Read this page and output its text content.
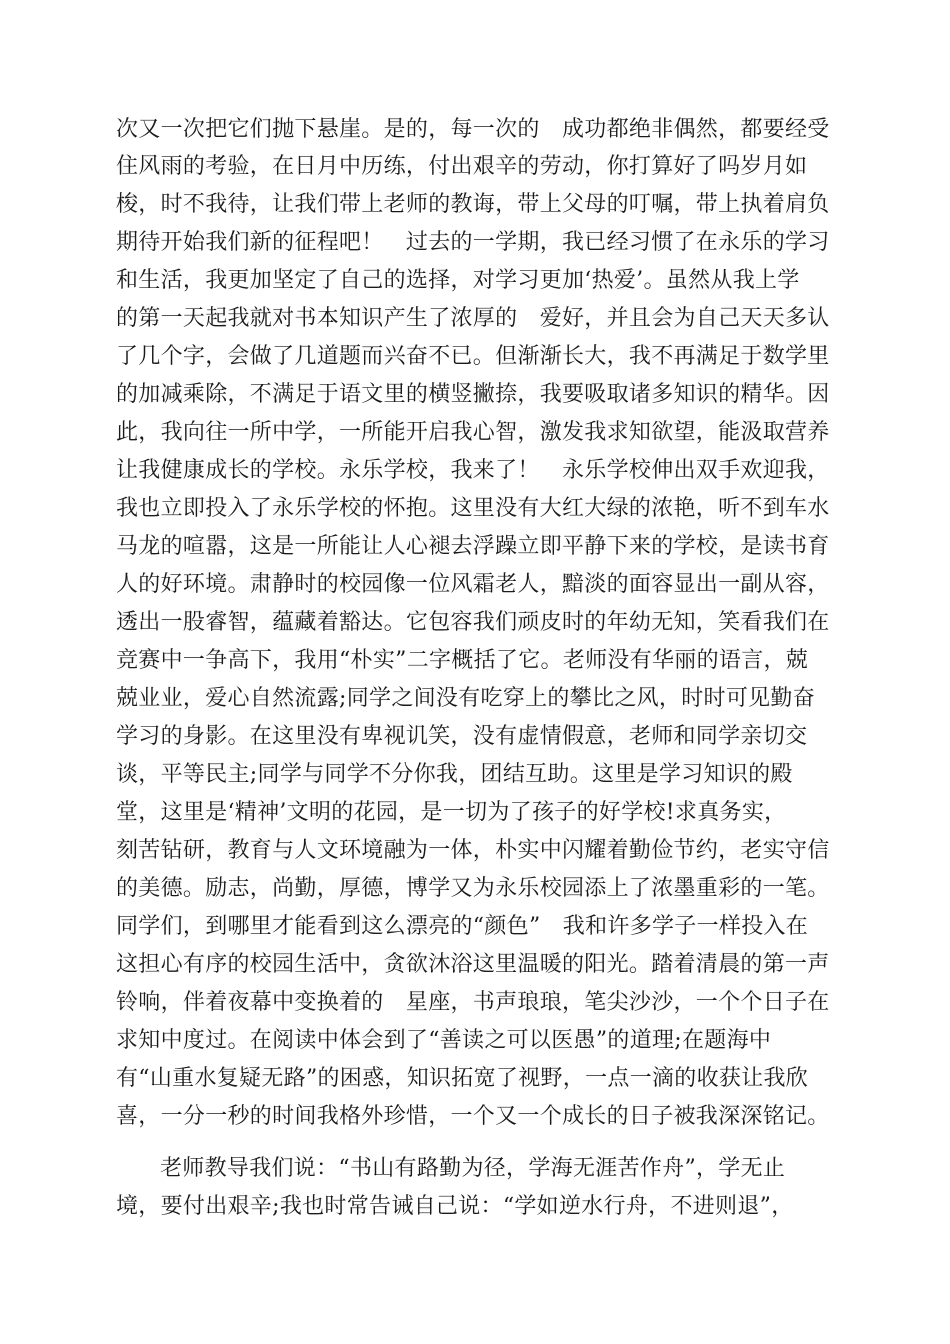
次又一次把它们抛下悬崖。是的，每一次的　成功都绝非偶然，都要经受
住风雨的考验，在日月中历练，付出艰辛的劳动，你打算好了吗岁月如
梭，时不我待，让我们带上老师的教诲，带上父母的叮嘱，带上执着肩负
期待开始我们新的征程吧！　过去的一学期，我已经习惯了在永乐的学习
和生活，我更加坚定了自己的选择，对学习更加‘热爱’。虽然从我上学
的第一天起我就对书本知识产生了浓厚的　爱好，并且会为自己天天多认
了几个字，会做了几道题而兴奋不已。但渐渐长大，我不再满足于数学里
的加减乘除，不满足于语文里的横竖撇捺，我要吸取诸多知识的精华。因
此，我向往一所中学，一所能开启我心智，激发我求知欲望，能汲取营养
让我健康成长的学校。永乐学校，我来了！　永乐学校伸出双手欢迎我，
我也立即投入了永乐学校的怀抱。这里没有大红大绿的浓艳，听不到车水
马龙的喧嚣，这是一所能让人心褪去浮躁立即平静下来的学校，是读书育
人的好环境。肃静时的校园像一位风霜老人，黯淡的面容显出一副从容，
透出一股睿智，蕴藏着豁达。它包容我们顽皮时的年幼无知，笑看我们在
竞赛中一争高下，我用“朴实”二字概括了它。老师没有华丽的语言，兢
兢业业，爱心自然流露;同学之间没有吃穿上的攀比之风，时时可见勤奋
学习的身影。在这里没有卑视讥笑，没有虚情假意，老师和同学亲切交
谈，平等民主;同学与同学不分你我，团结互助。这里是学习知识的殿
堂，这里是‘精神’文明的花园，是一切为了孩子的好学校!求真务实，
刻苦钻研，教育与人文环境融为一体，朴实中闪耀着勤俭节约，老实守信
的美德。励志，尚勤，厚德，博学又为永乐校园添上了浓墨重彩的一笔。
同学们，到哪里才能看到这么漂亮的“颜色”　我和许多学子一样投入在
这担心有序的校园生活中，贪欲沐浴这里温暖的阳光。踏着清晨的第一声
铃响，伴着夜幕中变换着的　星座，书声琅琅，笔尖沙沙，一个个日子在
求知中度过。在阅读中体会到了“善读之可以医愚”的道理;在题海中
有“山重水复疑无路”的困惑，知识拓宽了视野，一点一滴的收获让我欣
喜，一分一秒的时间我格外珍惜，一个又一个成长的日子被我深深铭记。
老师教导我们说：“书山有路勤为径，学海无涯苦作舟”，学无止
境，要付出艰辛;我也时常告诫自己说：“学如逆水行舟，不进则退”，
